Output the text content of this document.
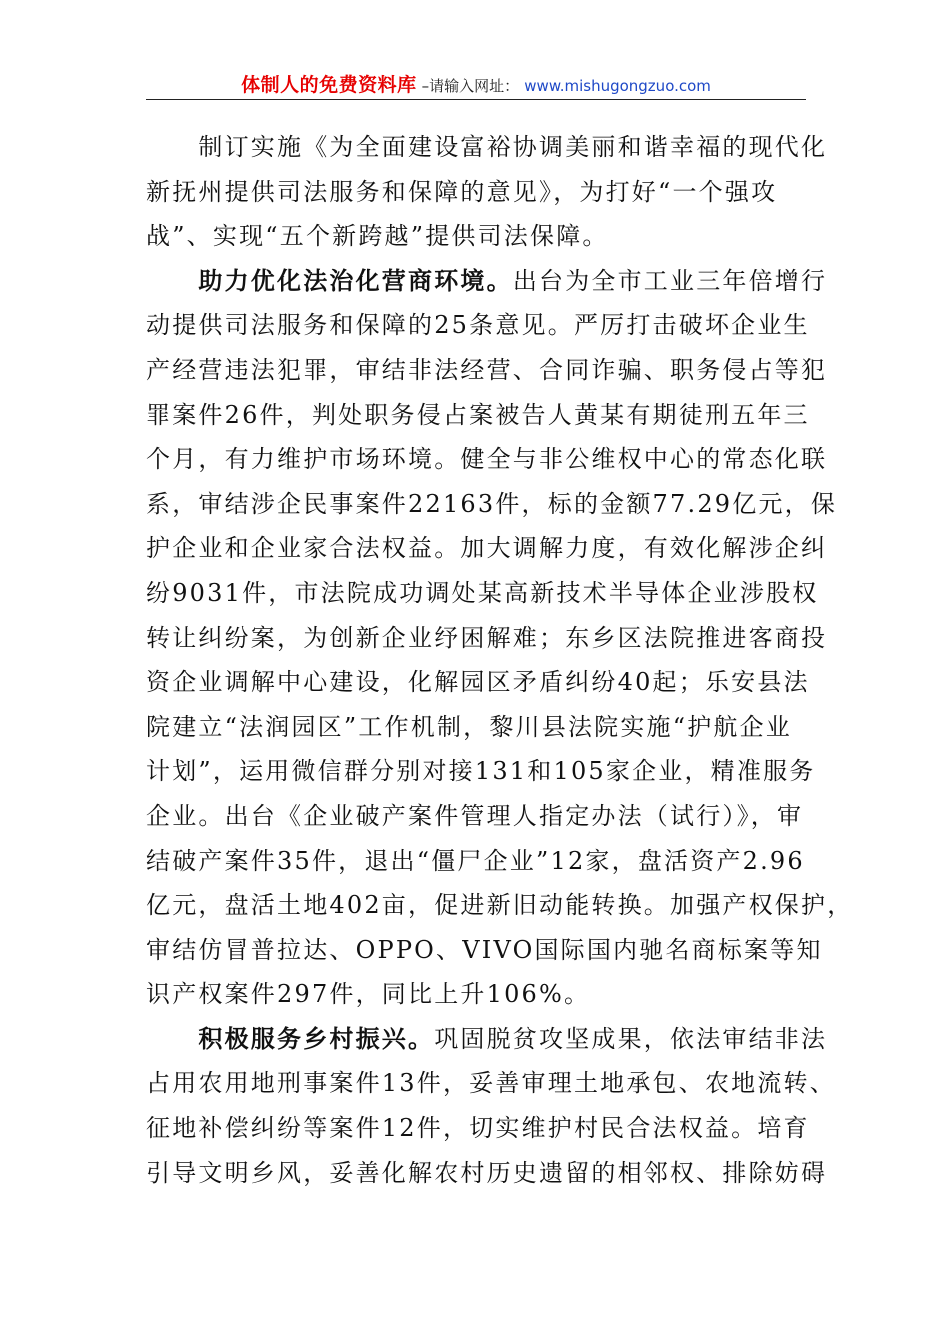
体制人的免费资料库 –请输入网址： www.mishugongzuo.com
　　制订实施《为全面建设富裕协调美丽和谐幸福的现代化
新抚州提供司法服务和保障的意见》，为打好“一个强攻
战”、实现“五个新跨越”提供司法保障。
　　助力优化法治化营商环境。出台为全市工业三年倍增行
动提供司法服务和保障的25条意见。严厉打击破坏企业生
产经营违法犯罪，审结非法经营、合同诈骗、职务侵占等犯
罪案件26件，判处职务侵占案被告人黄某有期徒刑五年三
个月，有力维护市场环境。健全与非公维权中心的常态化联
系，审结涉企民事案件22163件，标的金额77.29亿元，保
护企业和企业家合法权益。加大调解力度，有效化解涉企纠
纷9031件，市法院成功调处某高新技术半导体企业涉股权
转让纠纷案，为创新企业纾困解难；东乡区法院推进客商投
资企业调解中心建设，化解园区矛盾纠纷40起；乐安县法
院建立“法润园区”工作机制，黎川县法院实施“护航企业
计划”，运用微信群分别对接131和105家企业，精准服务
企业。出台《企业破产案件管理人指定办法（试行）》，审
结破产案件35件，退出“僵尸企业”12家，盘活资产2.96
亿元，盘活土地402亩，促进新旧动能转换。加强产权保护，
审结仿冒普拉达、OPPO、VIVO国际国内驰名商标案等知
识产权案件297件，同比上升106%。
　　积极服务乡村振兴。巩固脱贫攻坚成果，依法审结非法
占用农用地刑事案件13件，妥善审理土地承包、农地流转、
征地补偿纠纷等案件12件，切实维护村民合法权益。培育
引导文明乡风，妥善化解农村历史遗留的相邻权、排除妨碍
